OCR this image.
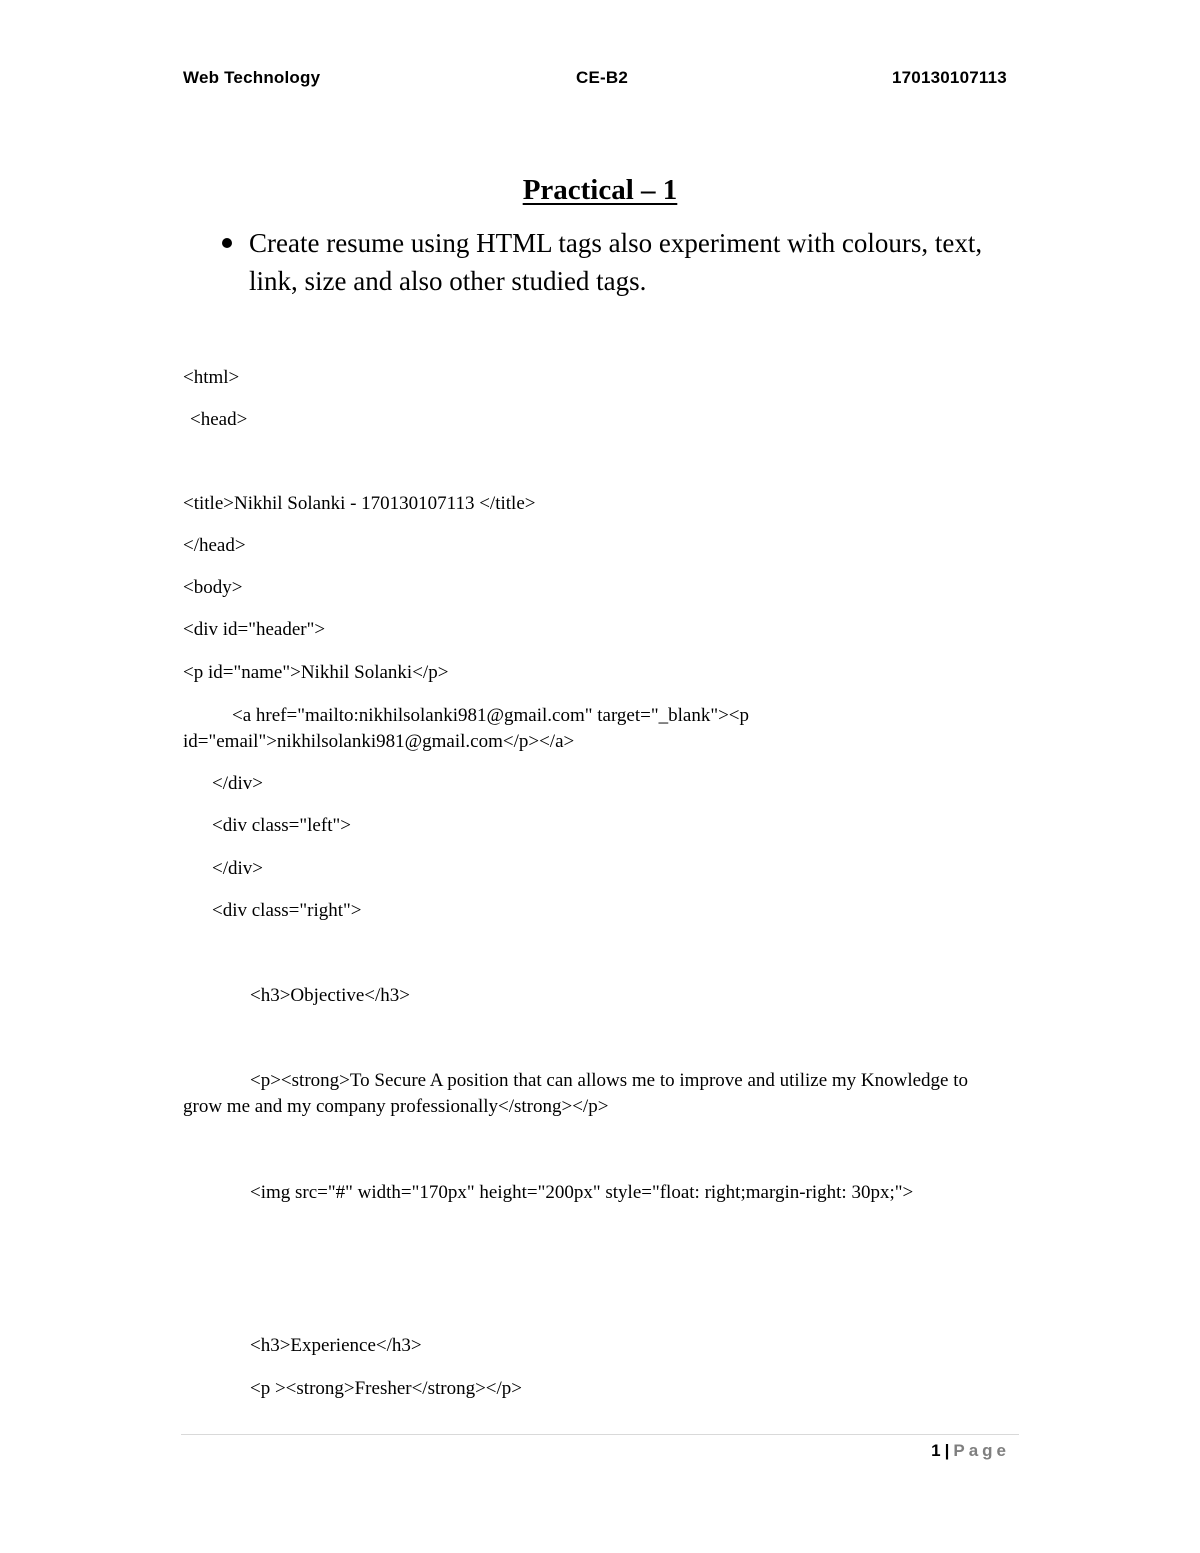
Web Technology	CE-B2	170130107113
Practical – 1
Create resume using HTML tags also experiment with colours, text, link, size and also other studied tags.
<html>
<head>
<title>Nikhil Solanki - 170130107113 </title>
</head>
<body>
<div id="header">
<p id="name">Nikhil Solanki</p>
<a href="mailto:nikhilsolanki981@gmail.com" target="_blank"><p id="email">nikhilsolanki981@gmail.com</p></a>
</div>
<div class="left">
</div>
<div class="right">
<h3>Objective</h3>
<p><strong>To Secure A position that can allows me to improve and utilize my Knowledge to grow me and my company professionally</strong></p>
<img src="#" width="170px" height="200px" style="float: right;margin-right: 30px;">
<h3>Experience</h3>
<p ><strong>Fresher</strong></p>
1 | Page
